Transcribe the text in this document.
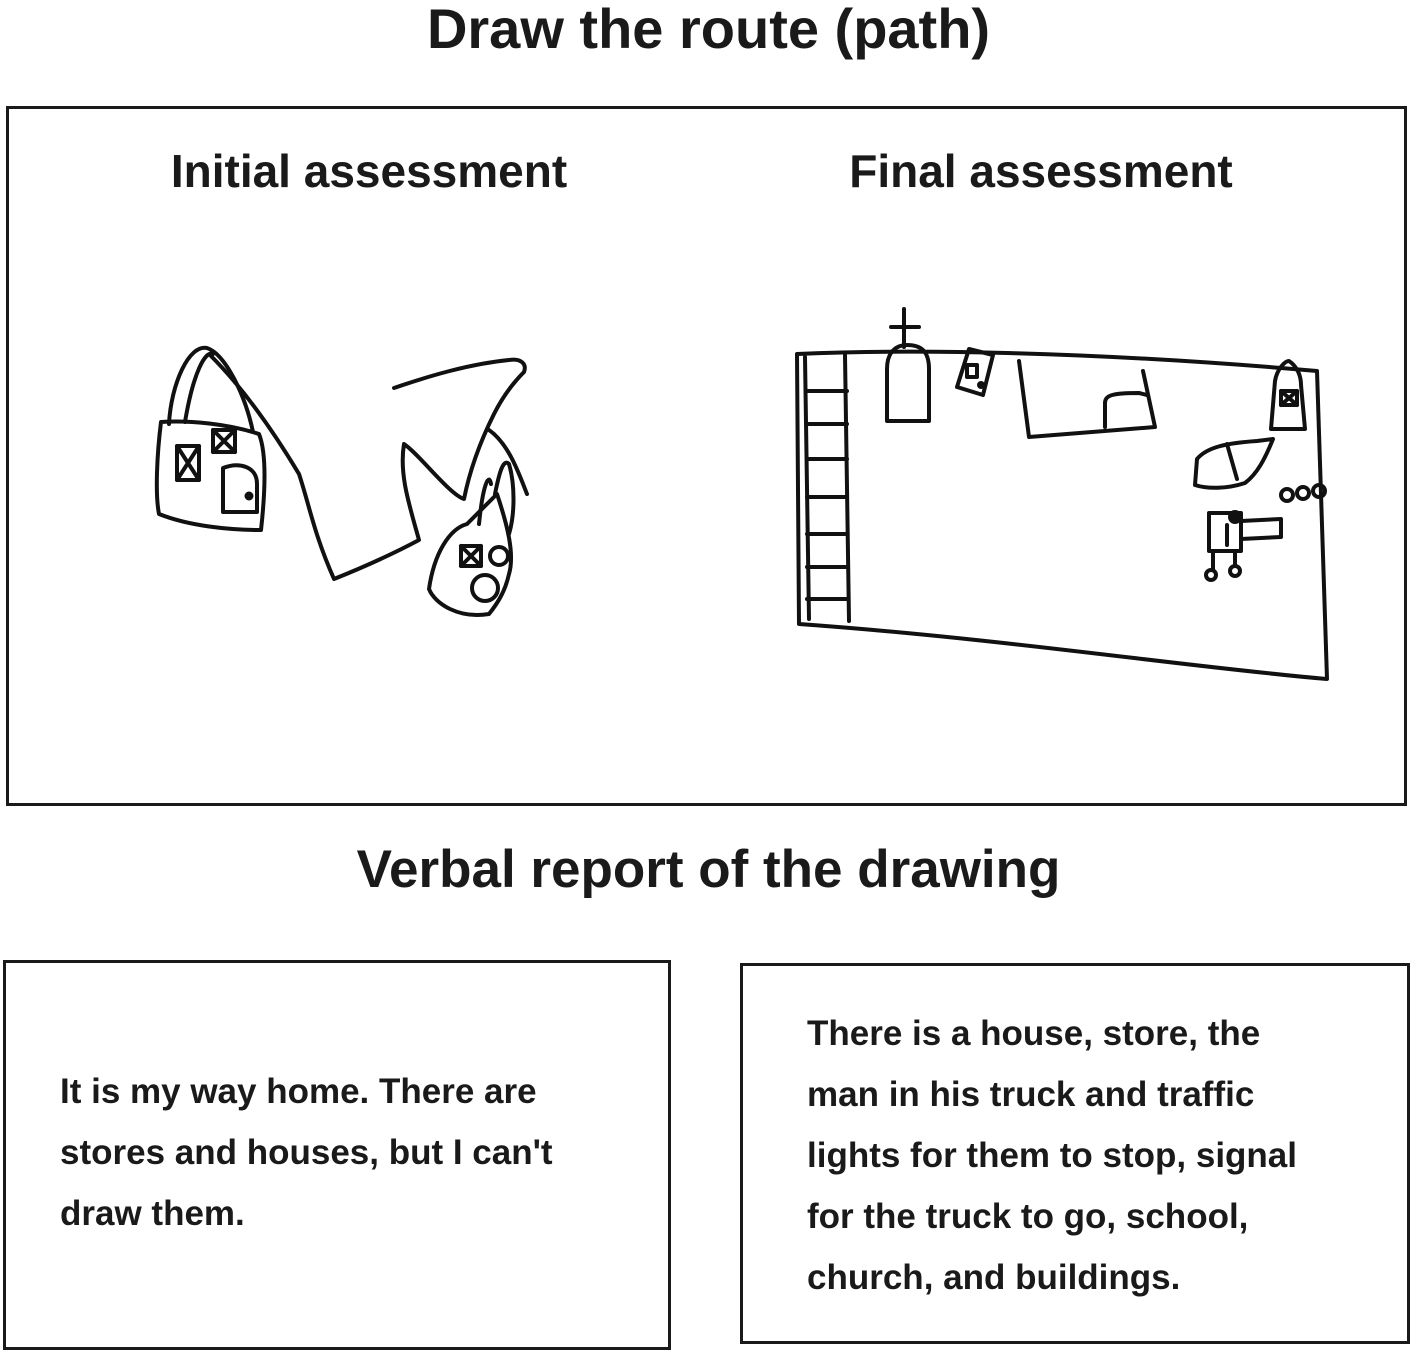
Draw the route (path)
Initial assessment	Final assessment
Verbal report of the drawing

It is my way home. There are
stores and houses, but I can't
draw them.

There is a house, store, the
man in his truck and traffic
lights for them to stop, signal
for the truck to go, school,
church, and buildings.
